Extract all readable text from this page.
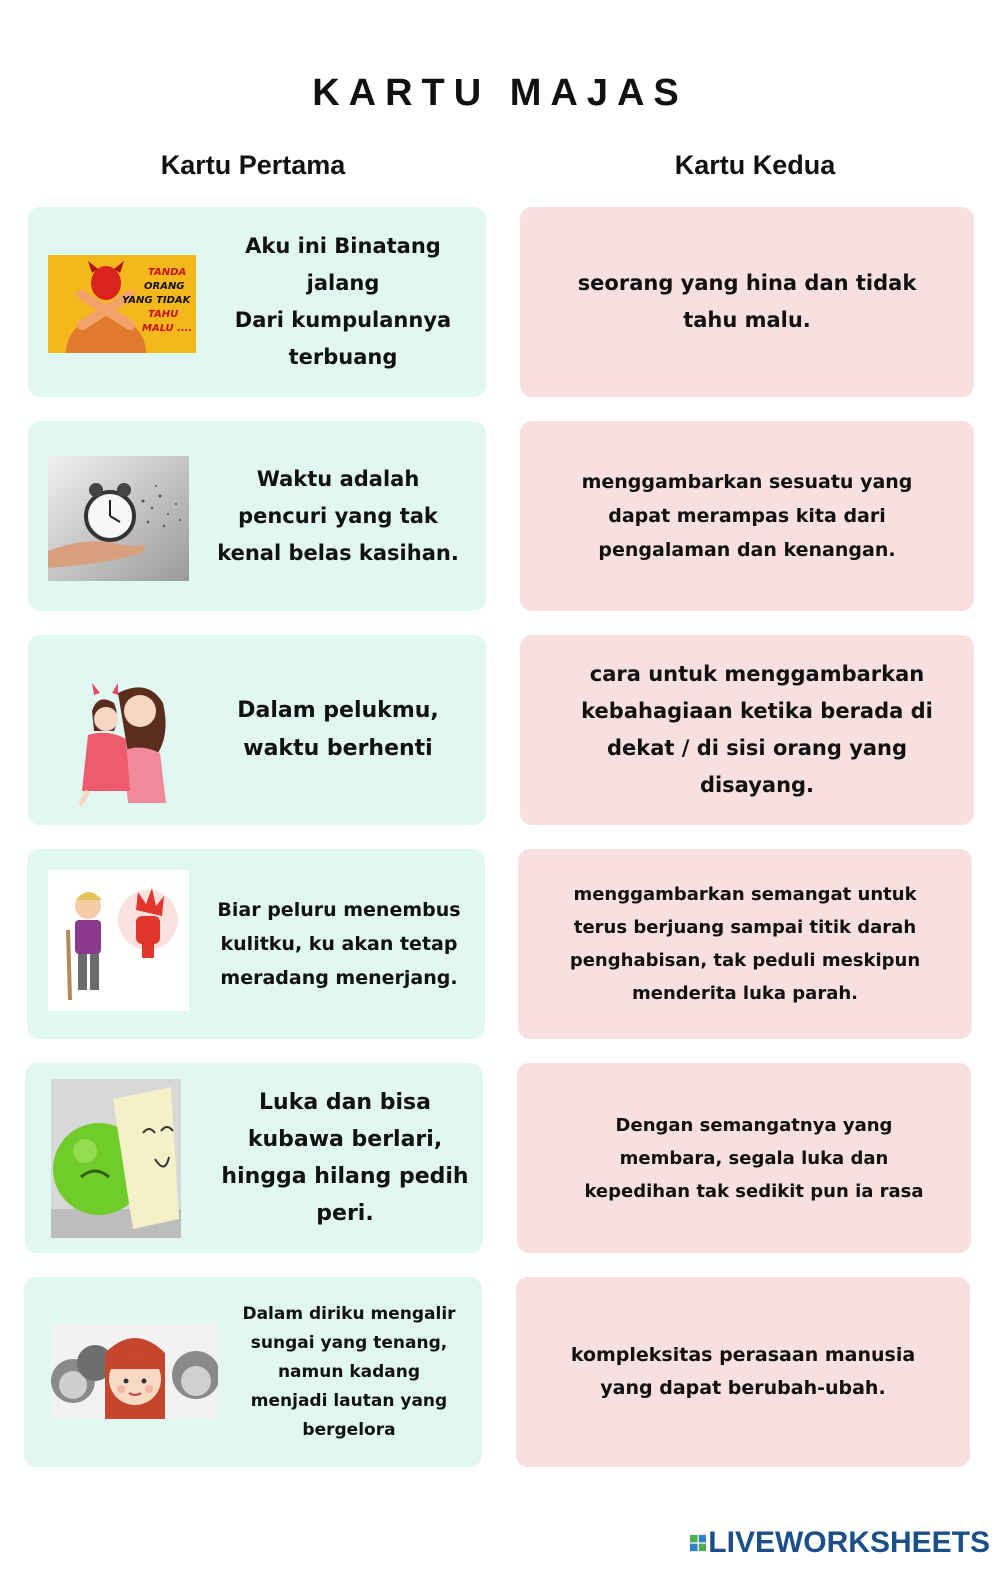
KARTU MAJAS
Kartu Pertama	Kartu Kedua
TANDA
ORANG
YANG TIDAK
TAHU
MALU ....
Aku ini Binatang
jalang
Dari kumpulannya
terbuang
seorang yang hina dan tidak
tahu malu.
Waktu adalah
pencuri yang tak
kenal belas kasihan.
menggambarkan sesuatu yang
dapat merampas kita dari
pengalaman dan kenangan.
Dalam pelukmu,
waktu berhenti
cara untuk menggambarkan
kebahagiaan ketika berada di
dekat / di sisi orang yang
disayang.
Biar peluru menembus
kulitku, ku akan tetap
meradang menerjang.
menggambarkan semangat untuk
terus berjuang sampai titik darah
penghabisan, tak peduli meskipun
menderita luka parah.
Luka dan bisa
kubawa berlari,
hingga hilang pedih
peri.
Dengan semangatnya yang
membara, segala luka dan
kepedihan tak sedikit pun ia rasa
Dalam diriku mengalir
sungai yang tenang,
namun kadang
menjadi lautan yang
bergelora
kompleksitas perasaan manusia
yang dapat berubah-ubah.
LIVEWORKSHEETS
